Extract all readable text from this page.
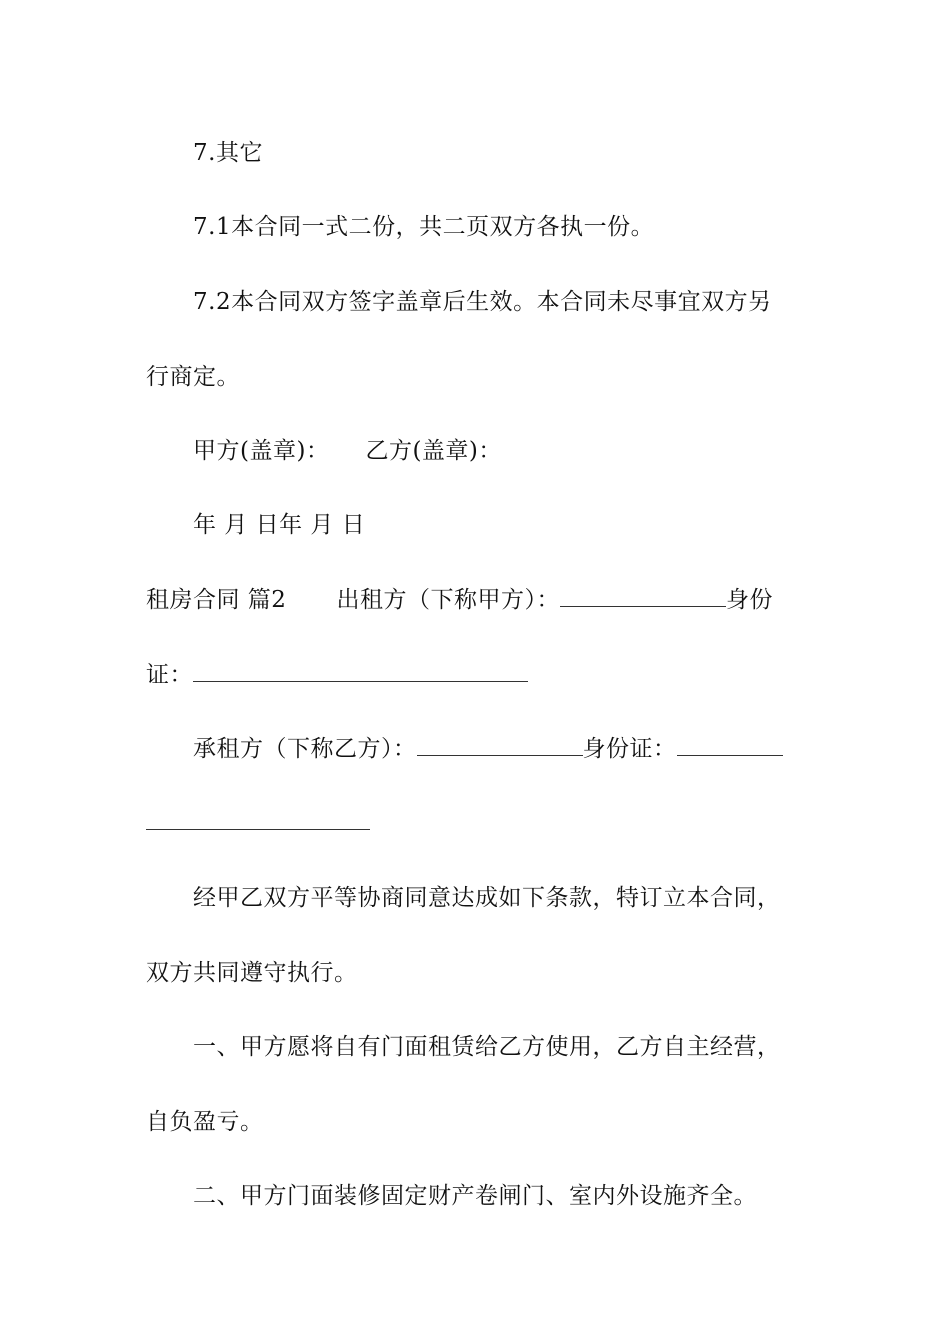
7.其它
7.1本合同一式二份，共二页双方各执一份。
7.2本合同双方签字盖章后生效。本合同未尽事宜双方另
行商定。
甲方(盖章)： 乙方(盖章)：
年 月 日年 月 日
租房合同 篇2 出租方（下称甲方）：	身份
证：
承租方（下称乙方）：	身份证：
经甲乙双方平等协商同意达成如下条款，特订立本合同，
双方共同遵守执行。
一、甲方愿将自有门面租赁给乙方使用，乙方自主经营，
自负盈亏。
二、甲方门面装修固定财产卷闸门、室内外设施齐全。
